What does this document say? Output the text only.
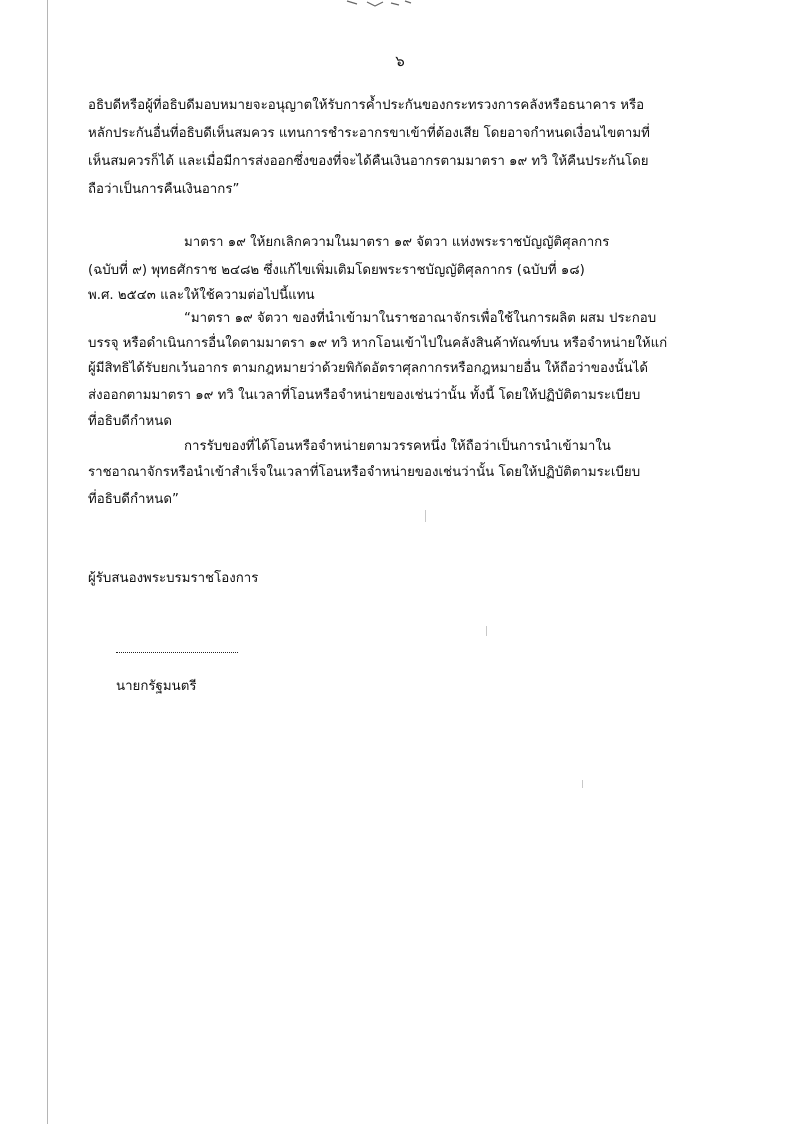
๖
อธิบดีหรือผู้ที่อธิบดีมอบหมายจะอนุญาตให้รับการค้ำประกันของกระทรวงการคลังหรือธนาคาร หรือ
หลักประกันอื่นที่อธิบดีเห็นสมควร แทนการชำระอากรขาเข้าที่ต้องเสีย โดยอาจกำหนดเงื่อนไขตามที่
เห็นสมควรก็ได้ และเมื่อมีการส่งออกซึ่งของที่จะได้คืนเงินอากรตามมาตรา ๑๙ ทวิ ให้คืนประกันโดย
ถือว่าเป็นการคืนเงินอากร”
มาตรา ๑๙ ให้ยกเลิกความในมาตรา ๑๙ จัตวา แห่งพระราชบัญญัติศุลกากร
(ฉบับที่ ๙) พุทธศักราช ๒๔๘๒ ซึ่งแก้ไขเพิ่มเติมโดยพระราชบัญญัติศุลกากร (ฉบับที่ ๑๘)
พ.ศ. ๒๕๔๓ และให้ใช้ความต่อไปนี้แทน
“มาตรา ๑๙ จัตวา ของที่นำเข้ามาในราชอาณาจักรเพื่อใช้ในการผลิต ผสม ประกอบ
บรรจุ หรือดำเนินการอื่นใดตามมาตรา ๑๙ ทวิ หากโอนเข้าไปในคลังสินค้าทัณฑ์บน หรือจำหน่ายให้แก่
ผู้มีสิทธิได้รับยกเว้นอากร ตามกฎหมายว่าด้วยพิกัดอัตราศุลกากรหรือกฎหมายอื่น ให้ถือว่าของนั้นได้
ส่งออกตามมาตรา ๑๙ ทวิ ในเวลาที่โอนหรือจำหน่ายของเช่นว่านั้น ทั้งนี้ โดยให้ปฏิบัติตามระเบียบ
ที่อธิบดีกำหนด
การรับของที่ได้โอนหรือจำหน่ายตามวรรคหนึ่ง ให้ถือว่าเป็นการนำเข้ามาใน
ราชอาณาจักรหรือนำเข้าสำเร็จในเวลาที่โอนหรือจำหน่ายของเช่นว่านั้น โดยให้ปฏิบัติตามระเบียบ
ที่อธิบดีกำหนด”
ผู้รับสนองพระบรมราชโองการ
นายกรัฐมนตรี
